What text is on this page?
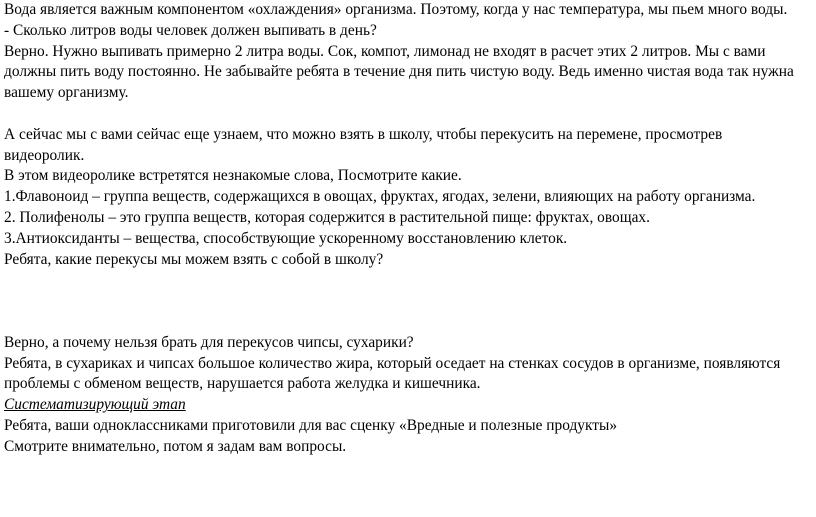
Вода является важным компонентом «охлаждения» организма. Поэтому, когда у нас температура, мы пьем много воды.
- Сколько литров воды человек должен выпивать в день?
Верно. Нужно выпивать примерно 2 литра воды. Сок, компот, лимонад не входят в расчет этих 2 литров. Мы с вами
должны пить воду постоянно. Не забывайте ребята в течение дня пить чистую воду. Ведь именно чистая вода так нужна
вашему организму.
А сейчас мы с вами сейчас еще узнаем, что можно взять в школу, чтобы перекусить на перемене, просмотрев
видеоролик.
В этом видеоролике встретятся незнакомые слова, Посмотрите какие.
1.Флавоноид – группа веществ, содержащихся в овощах, фруктах, ягодах, зелени, влияющих на работу организма.
2. Полифенолы – это группа веществ, которая содержится в растительной пище: фруктах, овощах.
3.Антиоксиданты – вещества, способствующие ускоренному восстановлению клеток.
Ребята, какие перекусы мы можем взять с собой в школу?
Верно, а почему нельзя брать для перекусов чипсы, сухарики?
Ребята, в сухариках и чипсах большое количество жира, который оседает на стенках сосудов в организме, появляются
проблемы с обменом веществ, нарушается работа желудка и кишечника.
Систематизирующий этап
Ребята, ваши одноклассниками приготовили для вас сценку «Вредные и полезные продукты»
Смотрите внимательно, потом я задам вам вопросы.
